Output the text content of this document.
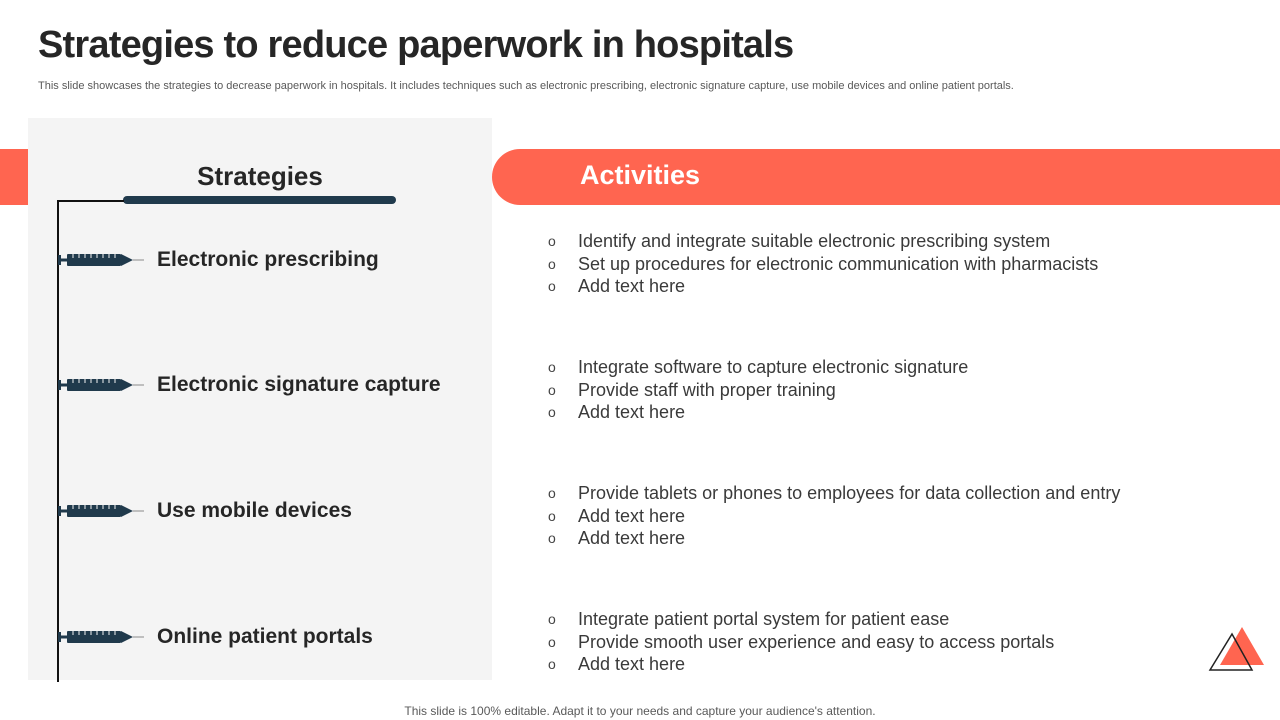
Strategies to reduce paperwork in hospitals
This slide showcases the strategies to decrease paperwork in hospitals. It includes techniques such as electronic prescribing, electronic signature capture, use mobile devices and online patient portals.
Strategies
Electronic prescribing
Electronic signature capture
Use mobile devices
Online patient portals
Activities
o Identify and integrate suitable electronic prescribing system
o Set up procedures for electronic communication with pharmacists
o Add text here
o Integrate software to capture electronic signature
o Provide staff with proper training
o Add text here
o Provide tablets or phones to employees for data collection and entry
o Add text here
o Add text here
o Integrate patient portal system for patient ease
o Provide smooth user experience and easy to access portals
o Add text here
This slide is 100% editable. Adapt it to your needs and capture your audience's attention.
